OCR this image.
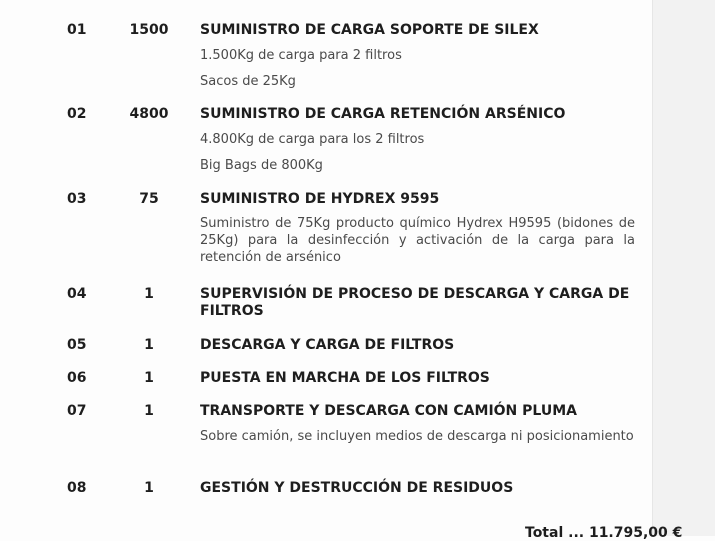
01	1500	SUMINISTRO DE CARGA SOPORTE DE SILEX
1.500Kg de carga para 2 filtros
Sacos de 25Kg
02	4800	SUMINISTRO DE CARGA RETENCIÓN ARSÉNICO
4.800Kg de carga para los 2 filtros
Big Bags de 800Kg
03	75	SUMINISTRO DE HYDREX 9595
Suministro de 75Kg producto químico Hydrex H9595 (bidones de 25Kg) para la desinfección y activación de la carga para la retención de arsénico
04	1	SUPERVISIÓN DE PROCESO DE DESCARGA Y CARGA DE FILTROS
05	1	DESCARGA Y CARGA DE FILTROS
06	1	PUESTA EN MARCHA DE LOS FILTROS
07	1	TRANSPORTE Y DESCARGA CON CAMIÓN PLUMA
Sobre camión, se incluyen medios de descarga ni posicionamiento
08	1	GESTIÓN Y DESTRUCCIÓN DE RESIDUOS
Total ... 11.795,00 €
